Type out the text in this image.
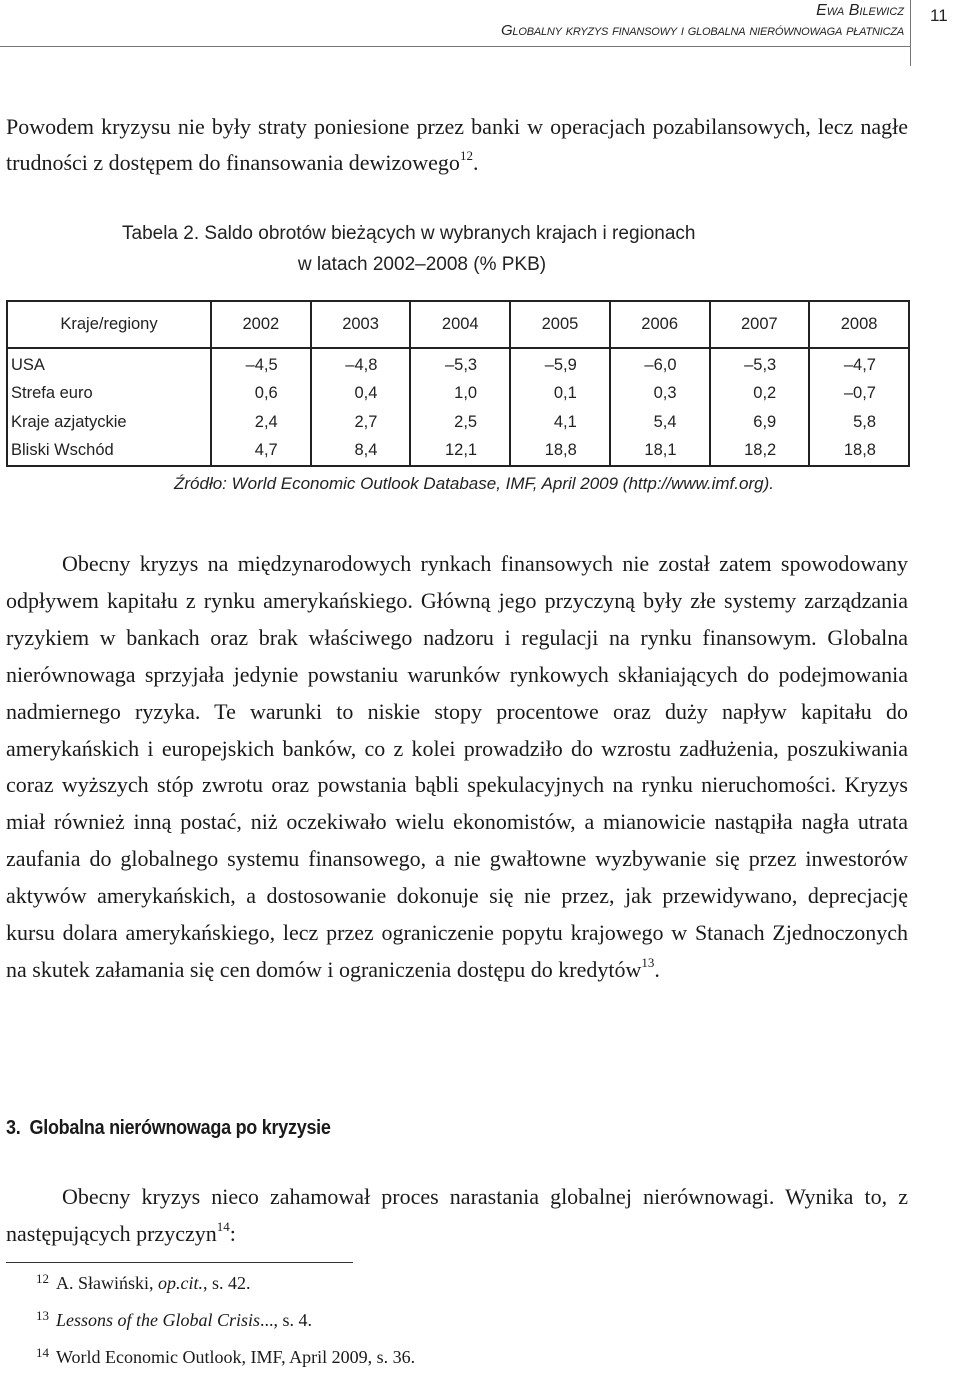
Ewa Bilewicz
Globalny kryzys finansowy i globalna nierównowaga płatnicza
11

Powodem kryzysu nie były straty poniesione przez banki w operacjach pozabilansowych, lecz nagłe trudności z dostępem do finansowania dewizowego$^{12}$.

Tabela 2. Saldo obrotów bieżących w wybranych krajach i regionach
w latach 2002–2008 (% PKB)
Kraje/regiony	2002	2003	2004	2005	2006	2007	2008
USA	–4,5	–4,8	–5,3	–5,9	–6,0	–5,3	–4,7
Strefa euro	0,6	0,4	1,0	0,1	0,3	0,2	–0,7
Kraje azjatyckie	2,4	2,7	2,5	4,1	5,4	6,9	5,8
Bliski Wschód	4,7	8,4	12,1	18,8	18,1	18,2	18,8
Źródło: World Economic Outlook Database, IMF, April 2009 (http://www.imf.org).

Obecny kryzys na międzynarodowych rynkach finansowych nie został zatem spowodowany odpływem kapitału z rynku amerykańskiego. Główną jego przyczyną były złe systemy zarządzania ryzykiem w bankach oraz brak właściwego nadzoru i regulacji na rynku finansowym. Globalna nierównowaga sprzyjała jedynie powstaniu warunków rynkowych skłaniających do podejmowania nadmiernego ryzyka. Te warunki to niskie stopy procentowe oraz duży napływ kapitału do amerykańskich i europejskich banków, co z kolei prowadziło do wzrostu zadłużenia, poszukiwania coraz wyższych stóp zwrotu oraz powstania bąbli spekulacyjnych na rynku nieruchomości. Kryzys miał również inną postać, niż oczekiwało wielu ekonomistów, a mianowicie nastąpiła nagła utrata zaufania do globalnego systemu finansowego, a nie gwałtowne wyzbywanie się przez inwestorów aktywów amerykańskich, a dostosowanie dokonuje się nie przez, jak przewidywano, deprecjację kursu dolara amerykańskiego, lecz przez ograniczenie popytu krajowego w Stanach Zjednoczonych na skutek załamania się cen domów i ograniczenia dostępu do kredytów$^{13}$.

3. Globalna nierównowaga po kryzysie

Obecny kryzys nieco zahamował proces narastania globalnej nierównowagi. Wynika to, z następujących przyczyn$^{14}$:

12 A. Sławiński, op.cit., s. 42.
13 Lessons of the Global Crisis..., s. 4.
14 World Economic Outlook, IMF, April 2009, s. 36.
